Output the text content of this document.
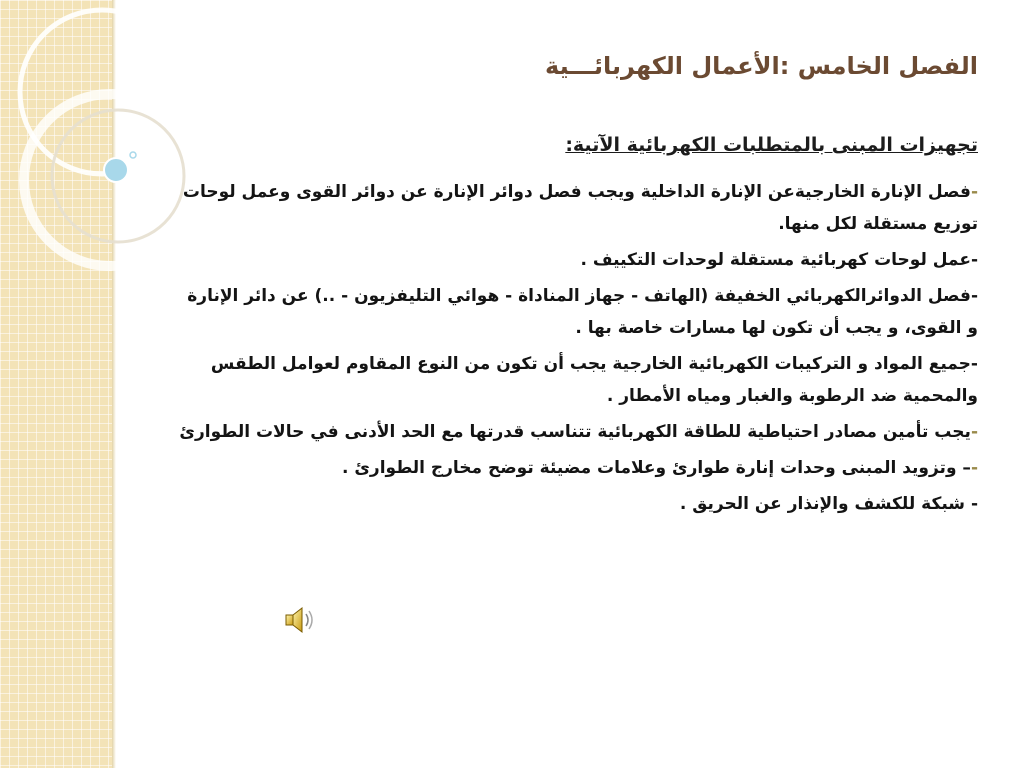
الفصل الخامس :الأعمال الكهربائـــية
تجهيزات المبنى بالمتطلبات الكهربائية الآتية:
-فصل الإنارة الخارجيةعن الإنارة الداخلية ويجب فصل دوائر الإنارة عن دوائر القوى وعمل لوحات توزيع مستقلة لكل منها.
-عمل لوحات كهربائية مستقلة لوحدات التكييف .
-فصل الدوائرالكهربائي الخفيفة (الهاتف - جهاز المناداة - هوائي التليفزيون - ..) عن دائر الإنارة و القوى، و يجب أن تكون لها مسارات خاصة بها .
-جميع المواد و التركيبات الكهربائية الخارجية يجب أن تكون من النوع المقاوم لعوامل الطقس والمحمية ضد الرطوبة والغبار ومياه الأمطار .
-يجب تأمين مصادر احتياطية للطاقة الكهربائية تتناسب قدرتها مع الحد الأدنى في حالات الطوارئ
-– وتزويد المبنى وحدات إنارة طوارئ وعلامات مضيئة توضح مخارج الطوارئ .
- شبكة للكشف والإنذار عن الحريق .
